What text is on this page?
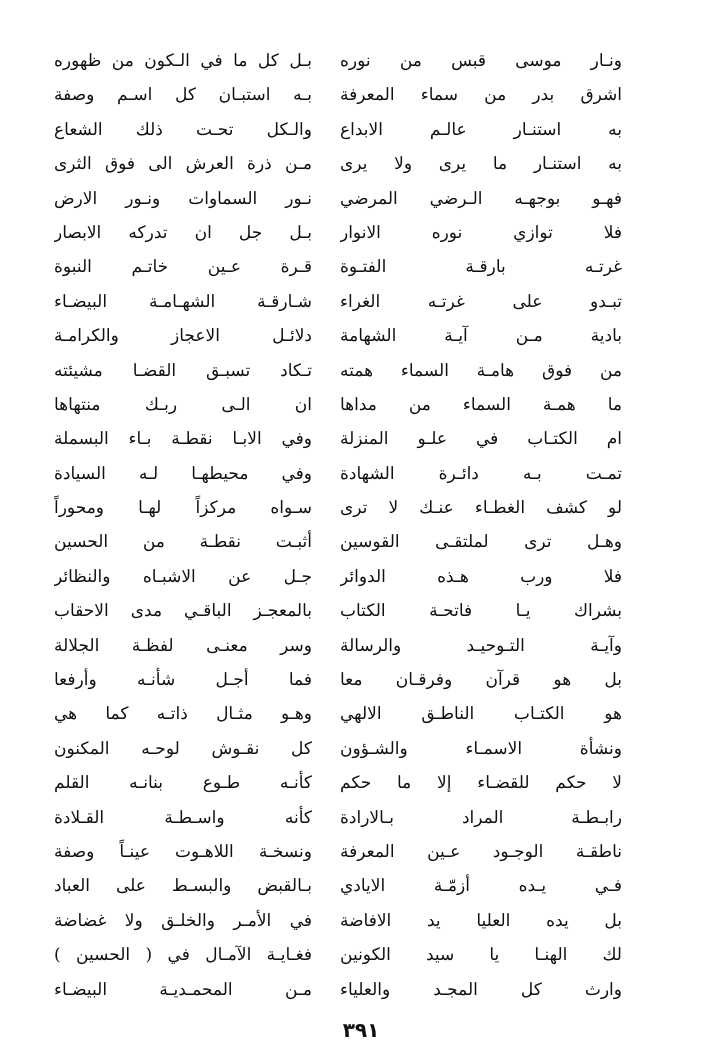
ونـار موسى قبس من نوره
بـل كل ما في الـكون من ظهوره
اشرق بدر من سماء المعرفة
بـه استبـان كل اسـم وصفة
به استنـار عالـم الابداع
والـكل تحـت ذلك الشعاع
به استنـار ما يرى ولا يرى
مـن ذرة العرش الى فوق الثرى
فهـو بوجهـه الـرضي المرضي
نـور السماوات ونـور الارض
فلا توازي نوره الانوار
بـل جل ان تدركه الابصار
غرتـه بارقـة الفتـوة
قـرة عـين خاتـم النبوة
تبـدو على غرتـه الغراء
شـارقـة الشهـامـة البيضـاء
بادية مـن آيـة الشهامة
دلائـل الاعجاز والكرامـة
من فوق هامـة السماء همته
تـكاد تسبـق القضـا مشيئته
ما همـة السماء من مداها
ان الـى ربـك منتهاها
ام الكتـاب في علـو المنزلة
وفي الابـا نقطـة بـاء البسملة
تمـت بـه دائـرة الشهادة
وفي محيطهـا لـه السيادة
لو كشف الغطـاء عنـك لا ترى
سـواه مركزاً لهـا ومحوراً
وهـل ترى لملتقـى القوسين
أثبـت نقطـة من الحسين
فلا ورب هـذه الدوائر
جـل عن الاشبـاه والنظائر
بشراك يـا فاتحـة الكتاب
بالمعجـز الباقـي مدى الاحقاب
وآيـة التـوحيـد والرسالة
وسر معنـى لفظـة الجلالة
بل هو قرآن وفرقـان معا
فما أجـل شأنـه وأرفعا
هو الكتـاب الناطـق الالهي
وهـو مثـال ذاتـه كما هي
ونشأة الاسمـاء والشـؤون
كل نقـوش لوحـه المكنون
لا حكم للقضـاء إلا ما حكم
كأنـه طـوع بنانـه القلم
رابـطـة المراد بـالارادة
كأنه واسـطـة القـلادة
ناطقـة الوجـود عـين المعرفة
ونسخـة اللاهـوت عينـاً وصفة
فـي يـده أزمّـة الايادي
بـالقبض والبسـط على العباد
بل يده العليا يد الافاضة
في الأمـر والخلـق ولا غضاضة
لك الهنـا يا سيد الكونين
فغـايـة الآمـال في ( الحسين )
وارث كل المجـد والعلياء
مـن المحمـديـة البيضـاء
٣٩١
